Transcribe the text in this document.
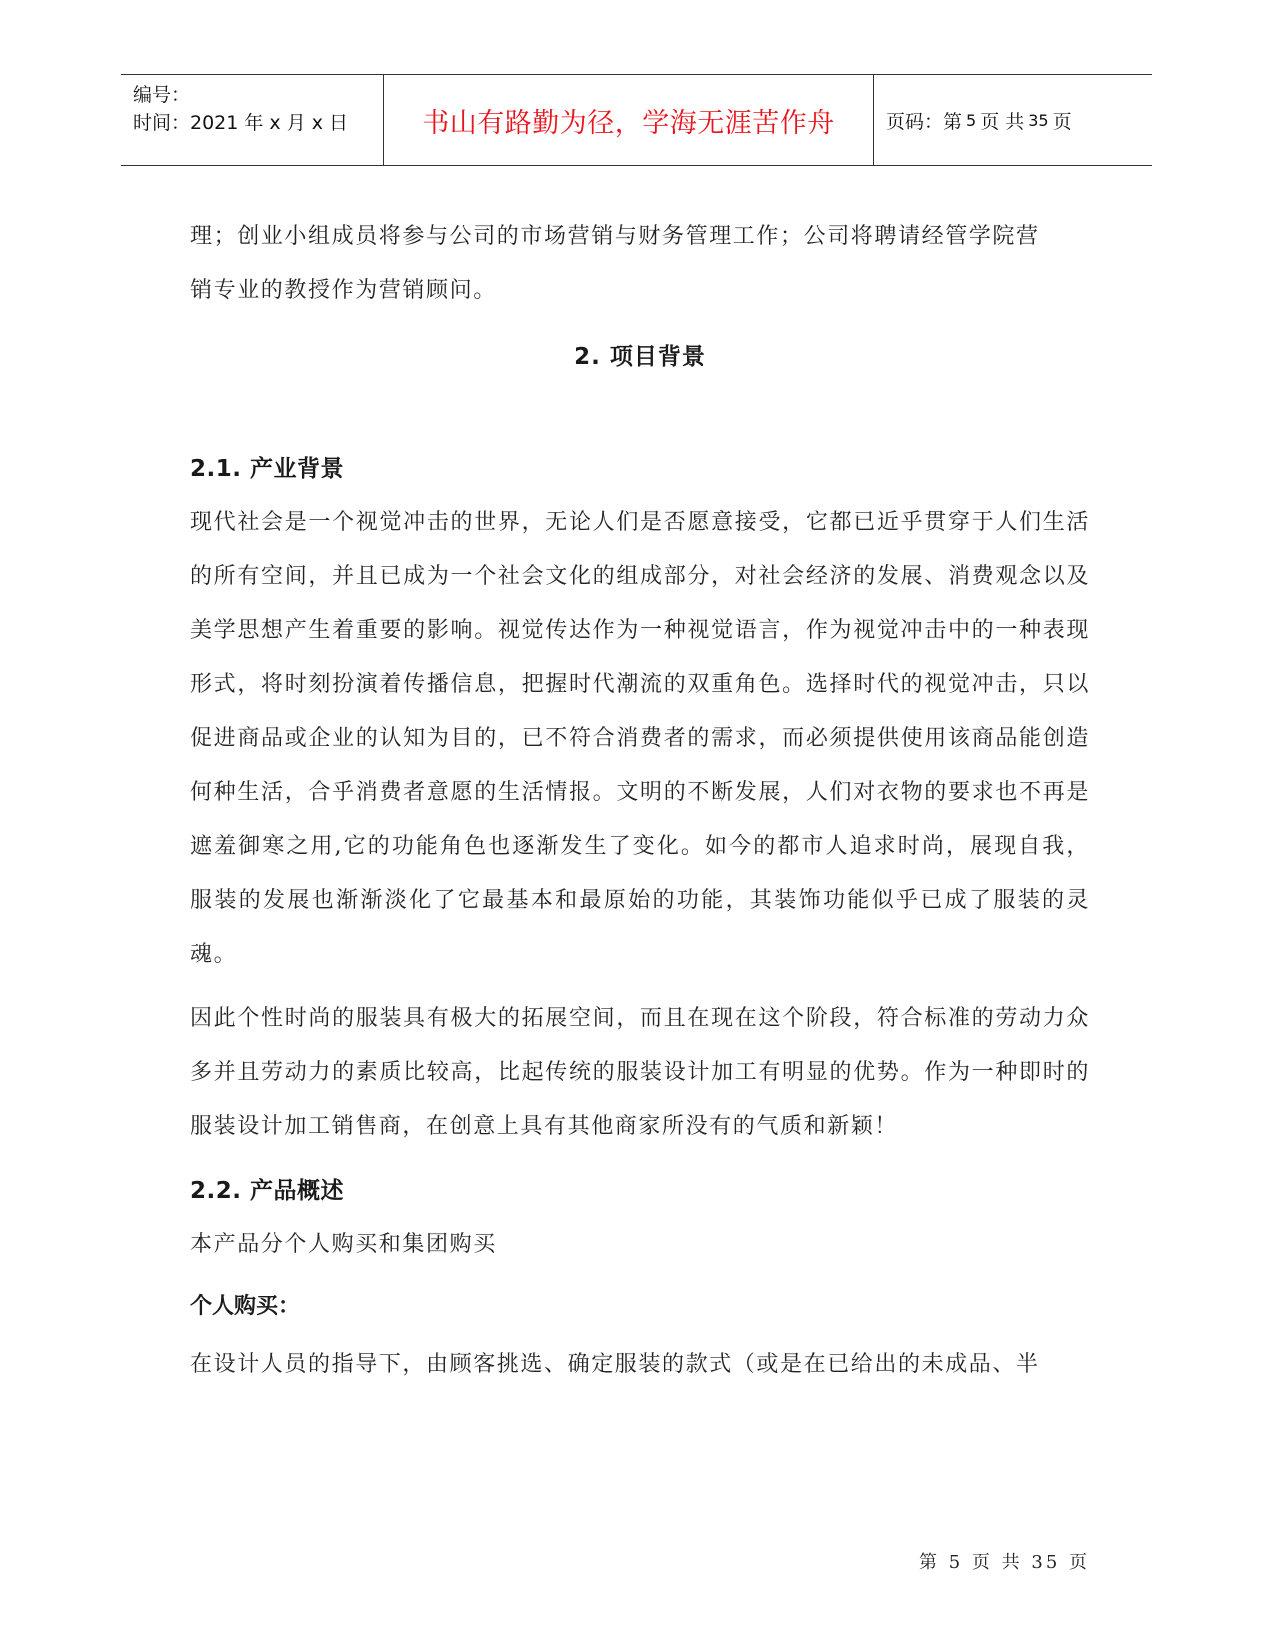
编号：
时间：2021 年 x 月 x 日	书山有路勤为径，学海无涯苦作舟	页码：第 5 页 共 35 页

理；创业小组成员将参与公司的市场营销与财务管理工作；公司将聘请经管学院营

销专业的教授作为营销顾问。

2. 项目背景
2.1. 产业背景

现代社会是一个视觉冲击的世界，无论人们是否愿意接受，它都已近乎贯穿于人们生活的所有空间，并且已成为一个社会文化的组成部分，对社会经济的发展、消费观念以及美学思想产生着重要的影响。视觉传达作为一种视觉语言，作为视觉冲击中的一种表现形式，将时刻扮演着传播信息，把握时代潮流的双重角色。选择时代的视觉冲击，只以促进商品或企业的认知为目的，已不符合消费者的需求，而必须提供使用该商品能创造何种生活，合乎消费者意愿的生活情报。文明的不断发展，人们对衣物的要求也不再是遮羞御寒之用,它的功能角色也逐渐发生了变化。如今的都市人追求时尚，展现自我，服装的发展也渐渐淡化了它最基本和最原始的功能，其装饰功能似乎已成了服装的灵魂。

因此个性时尚的服装具有极大的拓展空间，而且在现在这个阶段，符合标准的劳动力众多并且劳动力的素质比较高，比起传统的服装设计加工有明显的优势。作为一种即时的服装设计加工销售商，在创意上具有其他商家所没有的气质和新颖！

2.2. 产品概述

本产品分个人购买和集团购买

个人购买：

在设计人员的指导下，由顾客挑选、确定服装的款式（或是在已给出的未成品、半

第 5 页 共 35 页
